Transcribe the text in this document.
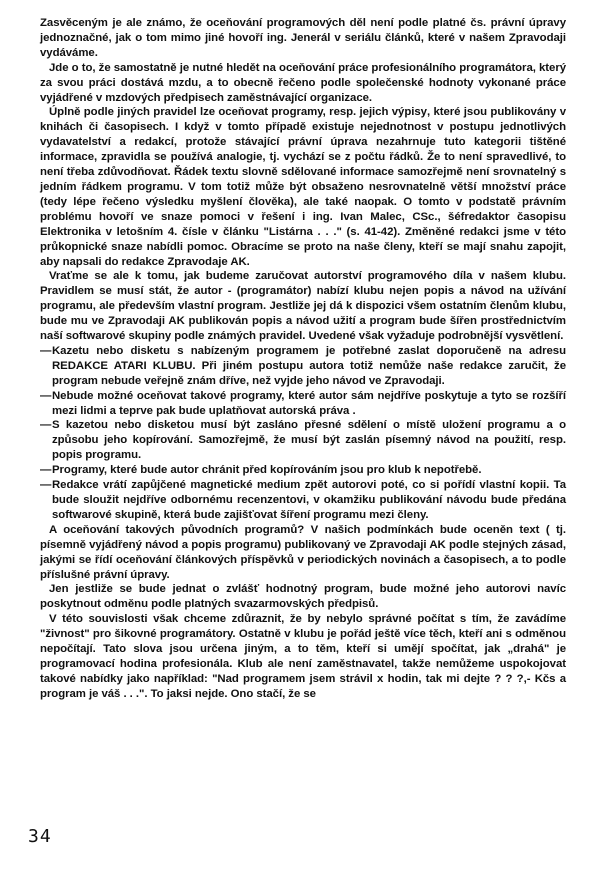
Zasvěceným je ale známo, že oceňování programových děl není podle platné čs. právní úpravy jednoznačné, jak o tom mimo jiné hovoří ing. Jenerál v seriálu článků, které v našem Zpravodaji vydáváme.

Jde o to, že samostatně je nutné hledět na oceňování práce profesionálního programátora, který za svou práci dostává mzdu, a to obecně řečeno podle společenské hodnoty vykonané práce vyjádřené v mzdových předpisech zaměstnávající organizace.

Úplně podle jiných pravidel lze oceňovat programy, resp. jejich výpisy, které jsou publikovány v knihách či časopisech. I když v tomto případě existuje nejednotnost v postupu jednotlivých vydavatelství a redakcí, protože stávající právní úprava nezahrnuje tuto kategorii tištěné informace, zpravidla se používá analogie, tj. vychází se z počtu řádků. Že to není spravedlivé, to není třeba zdůvodňovat. Řádek textu slovně sdělované informace samozřejmě není srovnatelný s jedním řádkem programu. V tom totiž může být obsaženo nesrovnatelně větší množství práce (tedy lépe řečeno výsledku myšlení člověka), ale také naopak. O tomto v podstatě právním problému hovoří ve snaze pomoci v řešení i ing. Ivan Malec, CSc., šéfredaktor časopisu Elektronika v letošním 4. čísle v článku "Listárna . . ." (s. 41-42). Změněné redakci jsme v této průkopnické snaze nabídli pomoc. Obracíme se proto na naše členy, kteří se mají snahu zapojit, aby napsali do redakce Zpravodaje AK.

Vraťme se ale k tomu, jak budeme zaručovat autorství programového díla v našem klubu. Pravidlem se musí stát, že autor - (programátor) nabízí klubu nejen popis a návod na užívání programu, ale především vlastní program. Jestliže jej dá k dispozici všem ostatním členům klubu, bude mu ve Zpravodaji AK publikován popis a návod užití a program bude šířen prostřednictvím naší softwarové skupiny podle známých pravidel. Uvedené však vyžaduje podrobnější vysvětlení.

—Kazetu nebo disketu s nabízeným programem je potřebné zaslat doporučeně na adresu REDAKCE ATARI KLUBU. Při jiném postupu autora totiž nemůže naše redakce zaručit, že program nebude veřejně znám dříve, než vyjde jeho návod ve Zpravodaji.

—Nebude možné oceňovat takové programy, které autor sám nejdříve poskytuje a tyto se rozšíří mezi lidmi a teprve pak bude uplatňovat autorská práva .

—S kazetou nebo disketou musí být zasláno přesné sdělení o místě uložení programu a o způsobu jeho kopírování. Samozřejmě, že musí být zaslán písemný návod na použití, resp. popis programu.

—Programy, které bude autor chránit před kopírováním jsou pro klub k nepotřebě.

—Redakce vrátí zapůjčené magnetické medium zpět autorovi poté, co si pořídí vlastní kopii. Ta bude sloužit nejdříve odbornému recenzentovi, v okamžiku publikování návodu bude předána softwarové skupině, která bude zajišťovat šíření programu mezi členy.

A oceňování takových původních programů? V našich podmínkách bude oceněn text ( tj. písemně vyjádřený návod a popis programu) publikovaný ve Zpravodaji AK podle stejných zásad, jakými se řídí oceňování článkových příspěvků v periodických novinách a časopisech, a to podle příslušné právní úpravy.

Jen jestliže se bude jednat o zvlášť hodnotný program, bude možné jeho autorovi navíc poskytnout odměnu podle platných svazarmovských předpisů.

V této souvislosti však chceme zdůraznit, že by nebylo správné počítat s tím, že zavádíme "živnost" pro šikovné programátory. Ostatně v klubu je pořád ještě více těch, kteří ani s odměnou nepočítají. Tato slova jsou určena jiným, a to těm, kteří si umějí spočítat, jak „drahá" je programovací hodina profesionála. Klub ale není zaměstnavatel, takže nemůžeme uspokojovat takové nabídky jako například: "Nad programem jsem strávil x hodin, tak mi dejte ? ? ?,- Kčs a program je váš . . .". To jaksi nejde. Ono stačí, že se

34
